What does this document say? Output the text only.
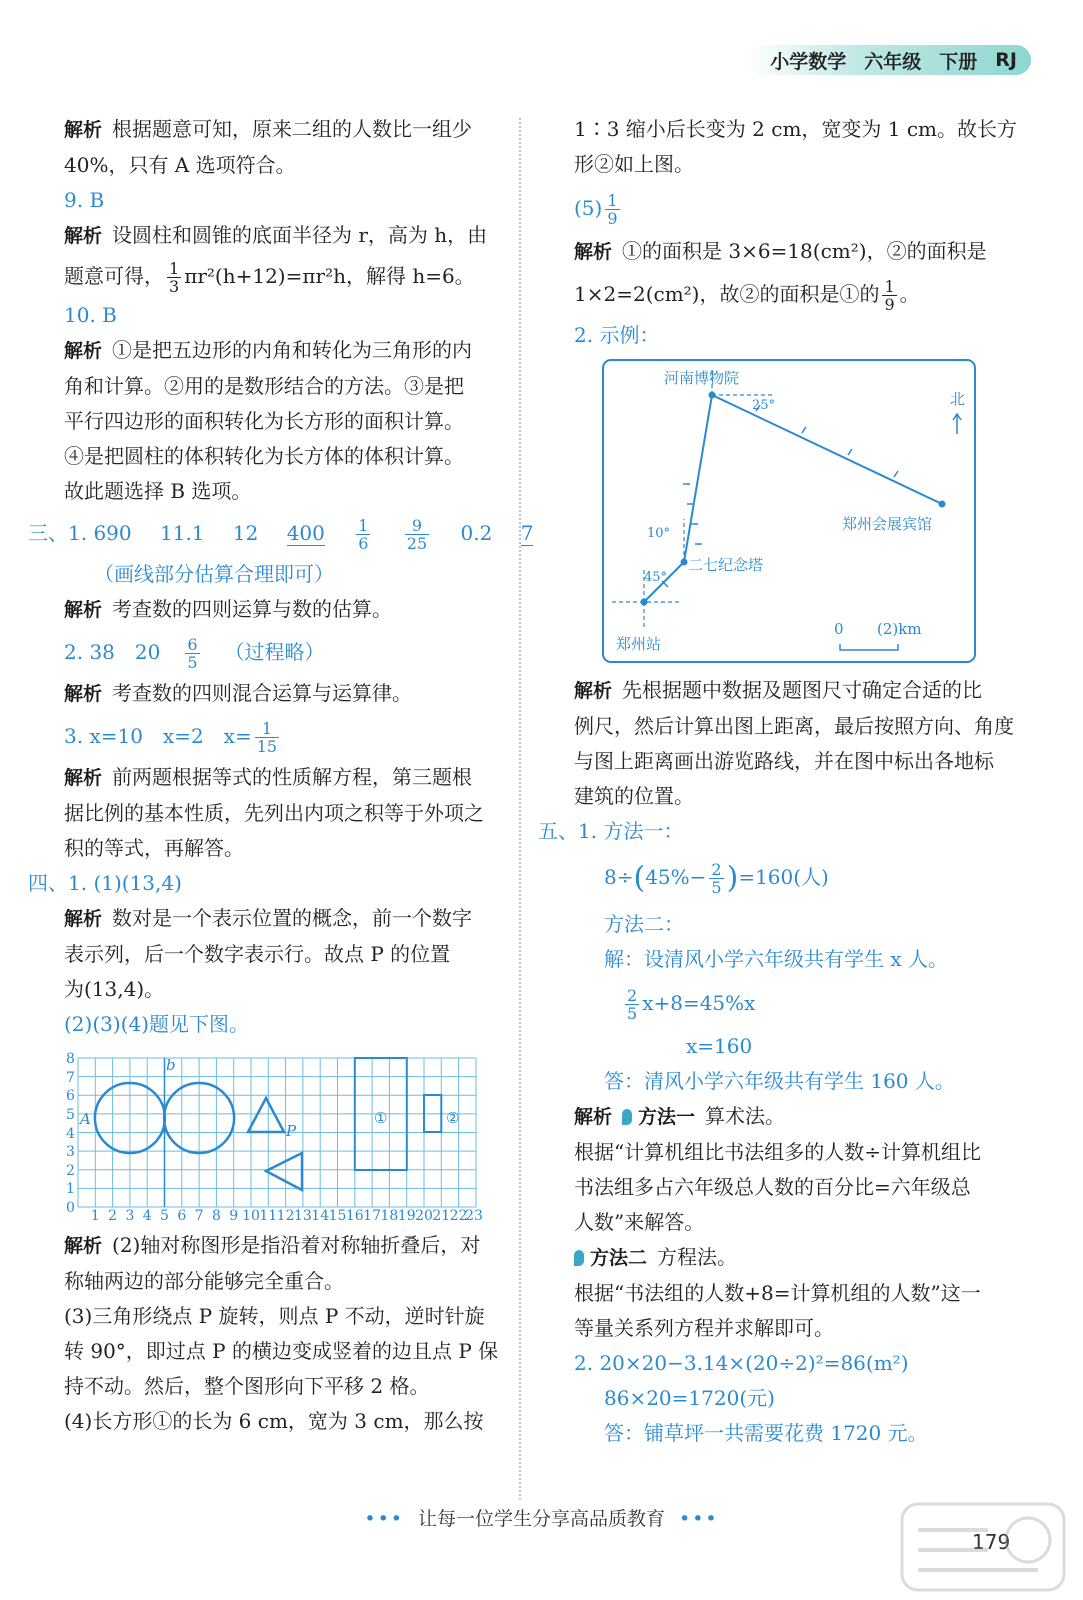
小学数学 六年级 下册 RJ
解析 根据题意可知，原来二组的人数比一组少
40%，只有 A 选项符合。
9. B
解析 设圆柱和圆锥的底面半径为 r，高为 h，由
题意可得， $\frac{1}{3} \pi r^2(h+12)=\pi r^2h$，解得 h=6。
10. B
解析 ①是把五边形的内角和转化为三角形的内
角和计算。②用的是数形结合的方法。③是把
平行四边形的面积转化为长方形的面积计算。
④是把圆柱的体积转化为长方体的体积计算。
故此题选择 B 选项。
三、1. 690 11.1 12 $400 \frac{1}{6}$
$\frac{9}{25} 0.2$ 7
（画线部分估算合理即可）
解析 考查数的四则运算与数的估算。
2. 38　$20 \frac{6}{5}$ （过程略）
解析 考查数的四则混合运算与运算律。
3. x=10　x=2　$x= \frac{1}{15}$
解析 前两题根据等式的性质解方程，第三题根
据比例的基本性质，先列出内项之积等于外项之
积的等式，再解答。
四、1. (1)(13,4)
解析 数对是一个表示位置的概念，前一个数字
表示列，后一个数字表示行。故点 P 的位置
为(13,4)。
(2)(3)(4)题见下图。
0
1
2
3
4
5
6
7
8
1 2 3 4 5 6 7 8 9 10 11 12 13 14 15 16 17 18 19 20 21 22
23
A
b
P
①	②
解析 (2)轴对称图形是指沿着对称轴折叠后，对
称轴两边的部分能够完全重合。
(3)三角形绕点 P 旋转，则点 P 不动，逆时针旋
转 90°，即过点 P 的横边变成竖着的边且点 P 保
持不动。然后，整个图形向下平移 2 格。
(4)长方形①的长为 6 cm，宽为 3 cm，那么按
1∶3 缩小后长变为 2 cm，宽变为 1 cm。故长方
形②如上图。
$(5) \frac{1}{9}$
解析 ①的面积是 3×6=18(cm²)，②的面积是
1×2=2(cm²)，故②的面积是①的 $\frac{1}{9}$ 。
2. 示例：
河南博物院
25°	北
郑州会展宾馆
10°
二七纪念塔
45°
郑州站
0 (2)km
解析 先根据题中数据及题图尺寸确定合适的比
例尺，然后计算出图上距离，最后按照方向、角度
与图上距离画出游览路线，并在图中标出各地标
建筑的位置。
五、1. 方法一：
$8\div(45\%- \frac{2}{5} )=160$(人)
方法二：
解：设清风小学六年级共有学生 x 人。
$\frac{2}{5} x+8=45\%x$
x=160
答：清风小学六年级共有学生 160 人。
解析 方法一 算术法。
根据“计算机组比书法组多的人数÷计算机组比
书法组多占六年级总人数的百分比=六年级总
人数”来解答。
方法二 方程法。
根据“书法组的人数+8=计算机组的人数”这一
等量关系列方程并求解即可。
2. 20×20−3.14×(20÷2)²=86(m²)
86×20=1720(元)
答：铺草坪一共需要花费 1720 元。
••• 让每一位学生分享高品质教育 •••
179
